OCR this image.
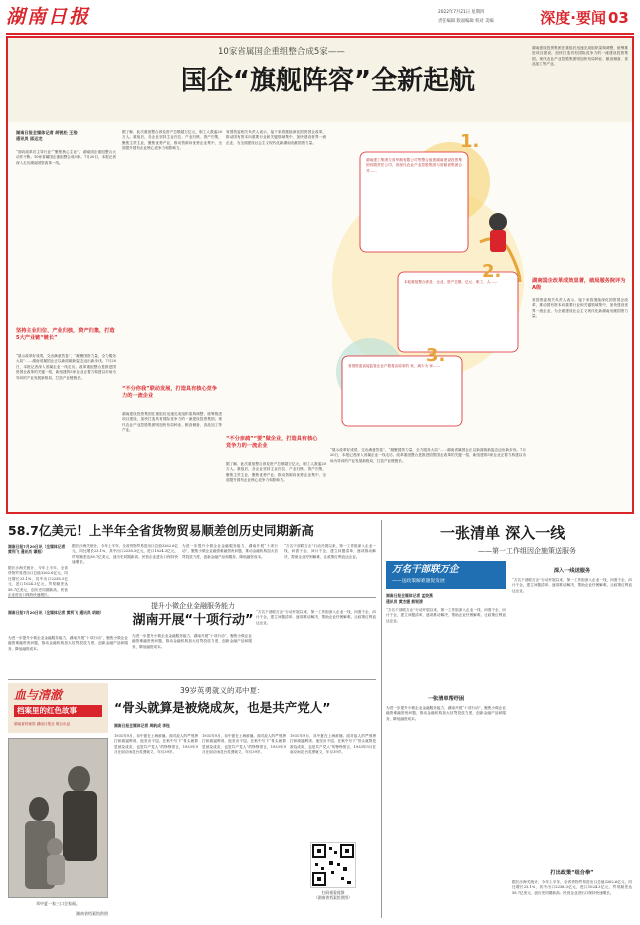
湖南日报	2022年7月21日 星期四
责任编辑 版面编辑 校对 美编	深度·要闻 03
10家省属国企重组整合成5家——
国企“旗舰阵容”全新起航
湖南日报全媒体记者 胡锐松 王浩
通讯员 邵运龙
“面向改革后主导行业”“聚焦核心主业”，湖南国企重组整合大动作不断。10家省属国企重组整合成5家。7月20日，本报记者深入走访湖南国资改革一线。
坚持主业归位、产业归核，资产归集，打造5大产业链“链长”
“展示改革好成绩，交出满意答卷”，“凝聚国资力量，全力服务大局”……湖南省属国企正以新面貌新姿态迈出新步伐。7月20日，本报记者深入省属企业一线走访。改革重组整合是推进国资国企改革的关键一招，新组建的5家企业正着力构建以市场为导向的产业发展新格局，打造产业链链长。
据了解，此次重组整合涉及资产总额超万亿元，职工人数逾20万人。重组后，各企业坚持主业归位、产业归核、资产归集，聚焦主责主业，聚焦优势产业，推动资源向优势企业集中，全面提升国有企业核心竞争力和影响力。
“不分你我”联动发展，打造具有核心竞争力的一流企业
湖南建设投资集团在重组后迅速完成组织架构调整，统筹推进项目建设，加快打造具有国际竞争力的一流建设投资集团。现代农业产业控股集团则加快布局种业、粮食储备、食品加工等产业。
省国资委相关负责人表示，接下来将继续深化国资国企改革，推动国有资本向重要行业和关键领域集中，加快建设世界一流企业，为全面建设社会主义现代化新湖南贡献国资力量。
“不分亲疏”“要”做企业，打造具有核心竞争力的一流企业
据了解，此次重组整合涉及资产总额超万亿元，职工人数逾20万人。重组后，各企业坚持主业归位、产业归核、资产归集，聚焦主责主业，聚焦优势产业，推动资源向优势企业集中，全面提升国有企业核心竞争力和影响力。
1.
2.
3.
湖南建工集团与省华湘有限公司等整合组建湖南建设投资集团有限责任公司，省现代农业产业控股集团与省粮食集团合并……
本轮重组整合涉及：企业、资产总额、亿元、职工、人……
省国资委直接监管企业户数将由原来的 家，减少为 家……
“展示改革好成绩，交出满意答卷”，“凝聚国资力量，全力服务大局”……湖南省属国企正以新面貌新姿态迈出新步伐。7月20日，本报记者深入省属企业一线走访。改革重组整合是推进国资国企改革的关键一招，新组建的5家企业正着力构建以市场为导向的产业发展新格局，打造产业链链长。
湖南建设投资集团在重组后迅速完成组织架构调整，统筹推进项目建设，加快打造具有国际竞争力的一流建设投资集团。现代农业产业控股集团则加快布局种业、粮食储备、食品加工等产业。
湖南国企改革成效显著，破局服务院评为A级
省国资委相关负责人表示，接下来将继续深化国资国企改革，推动国有资本向重要行业和关键领域集中，加快建设世界一流企业，为全面建设社会主义现代化新湖南贡献国资力量。
58.7亿美元！上半年全省货物贸易顺差创历史同期新高
湖南日报7月20日讯（全媒体记者 黄利飞 通讯员 谭振）
据长沙海关统计，今年上半年，全省货物贸易进出口总值3262.6亿元，同比增长23.1%，其中出口2238.3亿元，进口1024.3亿元，贸易顺差达58.7亿美元，创历史同期新高。民营企业进出口保持快速增长。
据长沙海关统计，今年上半年，全省货物贸易进出口总值3262.6亿元，同比增长23.1%，其中出口2238.3亿元，进口1024.3亿元，贸易顺差达58.7亿美元，创历史同期新高。民营企业进出口保持快速增长。
为进一步提升小微企业金融服务能力，湖南开展“十项行动”，聚焦小微企业融资难融资贵问题，推动金融机构加大信贷投放力度，创新金融产品和服务，降低融资成本。
“万名干部联万企”行动开展以来，第一工作组深入企业一线，问需于企、问计于企，建立问题清单，逐项推动解决，帮助企业纾困解难，让政策红利直达企业。
提升小微企业金融服务能力
湖南开展“十项行动”
湖南日报7月20日讯（全媒体记者 黄利飞 通讯员 胡晓）
为进一步提升小微企业金融服务能力，湖南开展“十项行动”，聚焦小微企业融资难融资贵问题，推动金融机构加大信贷投放力度，创新金融产品和服务，降低融资成本。
为进一步提升小微企业金融服务能力，湖南开展“十项行动”，聚焦小微企业融资难融资贵问题，推动金融机构加大信贷投放力度，创新金融产品和服务，降低融资成本。
“万名干部联万企”行动开展以来，第一工作组深入企业一线，问需于企、问计于企，建立问题清单，逐项推动解决，帮助企业纾困解难，让政策红利直达企业。
血与清澈
档案里的红色故事
湖南省档案馆 湖南日报社 联合出品
39岁英勇就义的邓中夏：
“骨头就算是被烧成灰，也是共产党人”
湖南日报全媒体记者 周帆成 李钰
邓中夏一家三口全家福。
湖南省档案馆供图
1931年9月，邓中夏在上海被捕。面对敌人的严刑拷打和威逼利诱，他坚贞不屈，在狱中写下“骨头就算是被烧成灰，也是共产党人”的铮铮誓言，1933年9月在南京雨花台英勇就义，年仅39岁。
1931年9月，邓中夏在上海被捕。面对敌人的严刑拷打和威逼利诱，他坚贞不屈，在狱中写下“骨头就算是被烧成灰，也是共产党人”的铮铮誓言，1933年9月在南京雨花台英勇就义，年仅39岁。
1931年9月，邓中夏在上海被捕。面对敌人的严刑拷打和威逼利诱，他坚贞不屈，在狱中写下“骨头就算是被烧成灰，也是共产党人”的铮铮誓言，1933年9月在南京雨花台英勇就义，年仅39岁。
扫码观看视频
（湖南省档案馆供图）
一张清单 深入一线
——第一工作组因企施策送服务
万名干部联万企
——送政策解难题促发展
湖南日报全媒体记者 孟姣燕
通讯员 黄杰媛 熊锐清
“万名干部联万企”行动开展以来，第一工作组深入企业一线，问需于企、问计于企，建立问题清单，逐项推动解决，帮助企业纾困解难，让政策红利直达企业。
一张清单帮纾困
为进一步提升小微企业金融服务能力，湖南开展“十项行动”，聚焦小微企业融资难融资贵问题，推动金融机构加大信贷投放力度，创新金融产品和服务，降低融资成本。
深入一线送服务
“万名干部联万企”行动开展以来，第一工作组深入企业一线，问需于企、问计于企，建立问题清单，逐项推动解决，帮助企业纾困解难，让政策红利直达企业。
打出政策“组合拳”
据长沙海关统计，今年上半年，全省货物贸易进出口总值3262.6亿元，同比增长23.1%，其中出口2238.3亿元，进口1024.3亿元，贸易顺差达58.7亿美元，创历史同期新高。民营企业进出口保持快速增长。
